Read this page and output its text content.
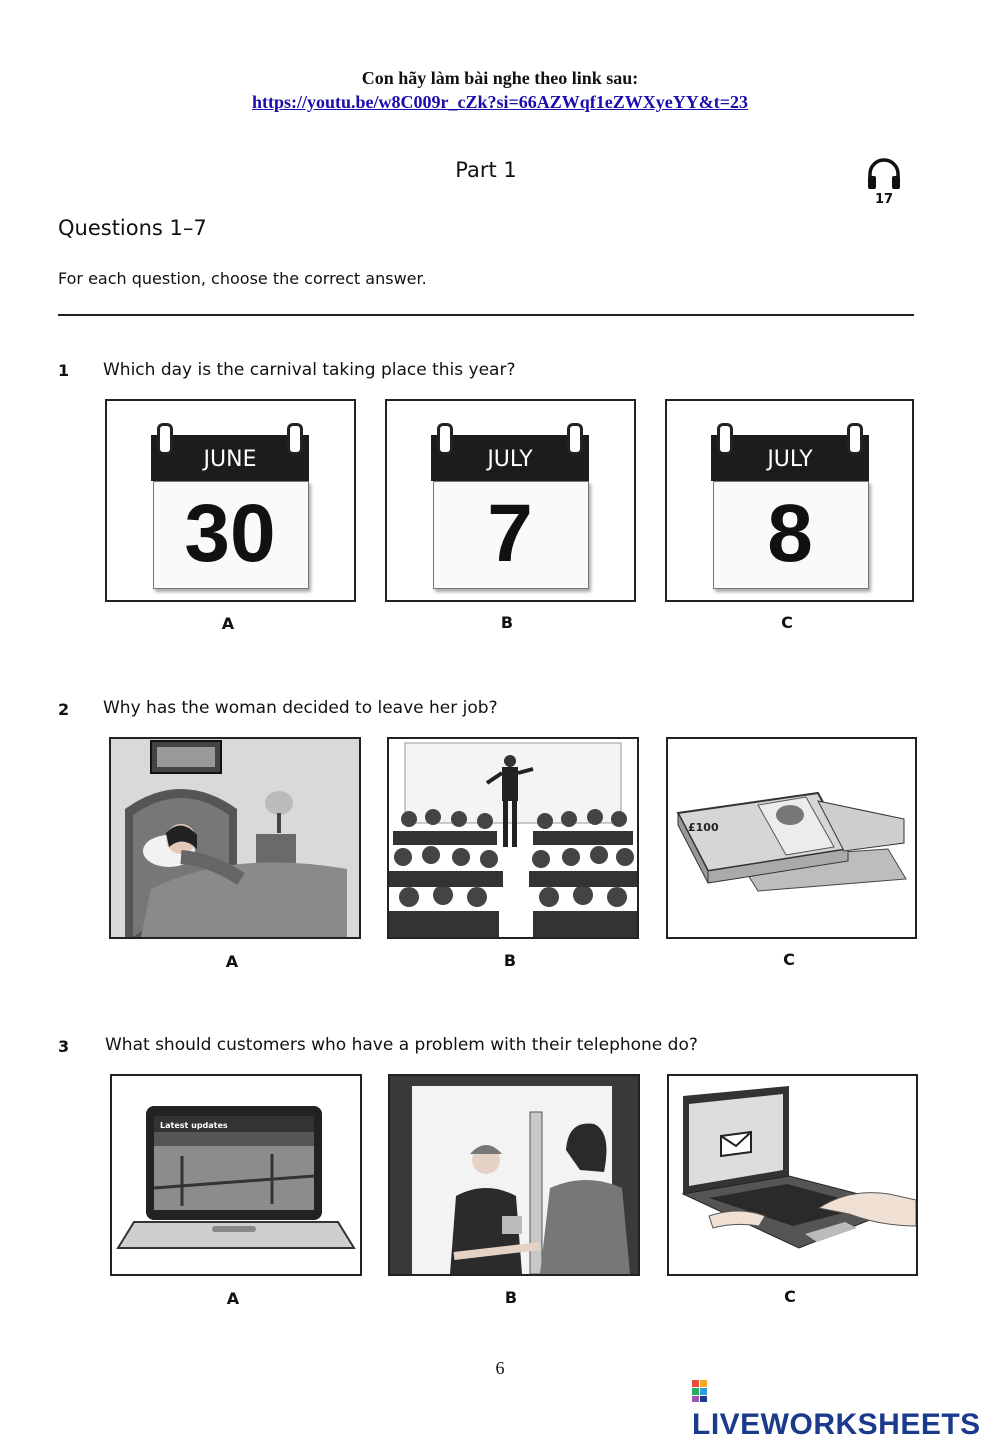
Con hãy làm bài nghe theo link sau:
https://youtu.be/w8C009r_cZk?si=66AZWqf1eZWXyeYY&t=23
Part 1
17
Questions 1–7
For each question, choose the correct answer.
1 Which day is the carnival taking place this year?
JUNE
30
JULY
7
JULY
8
A	B	C
2 Why has the woman decided to leave her job?
£100
A	B	C
3 What should customers who have a problem with their telephone do?
Latest updates
A	B	C
6
LIVEWORKSHEETS
